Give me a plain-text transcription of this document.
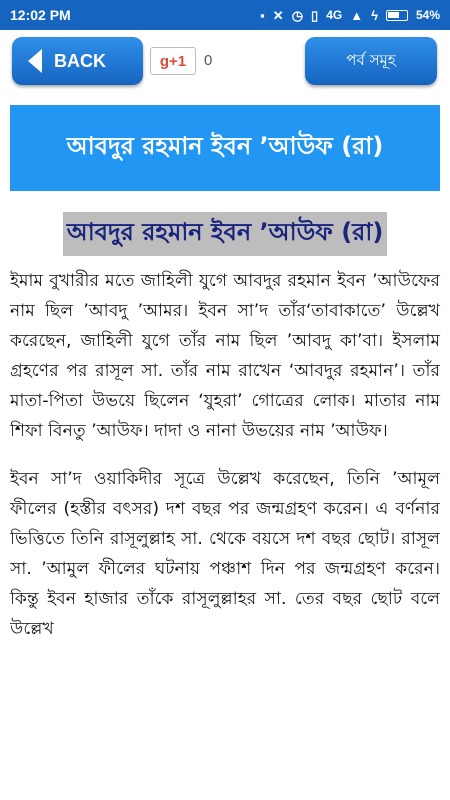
12:02 PM	▪ ✕ ◷ ▯ 4G ▲ ϟ	54%
BACK	g+1	0	পর্ব সমূহ
আবদুর রহমান ইবন ’আউফ (রা)
আবদুর রহমান ইবন ’আউফ (রা)

ইমাম বুখারীর মতে জাহিলী যুগে আবদুর রহমান ইবন ’আউফের নাম ছিল ’আবদু ’আমর। ইবন সা’দ তাঁর‘তাবাকাতে’ উল্লেখ করেছেন, জাহিলী যুগে তাঁর নাম ছিল ’আবদু কা’বা। ইসলাম গ্রহণের পর রাসূল সা. তাঁর নাম রাখেন ‘আবদুর রহমান’। তাঁর মাতা-পিতা উভয়ে ছিলেন ‘যুহরা’ গোত্রের লোক। মাতার নাম শিফা বিনতু ’আউফ। দাদা ও নানা উভয়ের নাম ’আউফ।

ইবন সা’দ ওয়াকিদীর সূত্রে উল্লেখ করেছেন, তিনি ’আমূল ফীলের (হস্তীর বৎসর) দশ বছর পর জন্মগ্রহণ করেন। এ বর্ণনার ভিত্তিতে তিনি রাসূলুল্লাহ সা. থেকে বয়সে দশ বছর ছোট। রাসূল সা. ’আমুল ফীলের ঘটনায় পঞ্চাশ দিন পর জন্মগ্রহণ করেন। কিন্তু ইবন হাজার তাঁকে রাসূলুল্লাহর সা. তের বছর ছোট বলে উল্লেখ
